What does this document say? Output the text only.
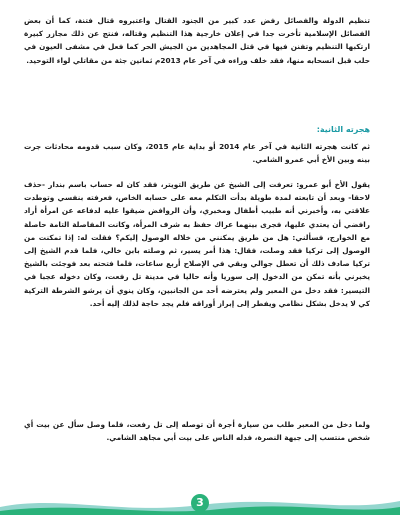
تنظيم الدولة والفصائل رفض عدد كبير من الجنود القتال واعتبروه قتال فتنة، كما أن بعض الفصائل الإسلامية تأخرت جدا في إعلان خارجية هذا التنظيم وقتاله، فنتج عن ذلك مجازر كبيرة ارتكبها التنظيم وتفنن فيها في قتل المجاهدين من الجيش الحر كما فعل في مشفى العيون في حلب قبل انسحابه منها، فقد خلف وراءه في آخر عام 2013م ثمانين جثة من مقاتلي لواء التوحيد.

هجرته الثانية:

ثم كانت هجرته الثانية في آخر عام 2014 أو بداية عام 2015، وكان سبب قدومه محادثات جرت بينه وبين الأخ أبي عمرو الشامي.

يقول الأخ أبو عمرو: تعرفت إلى الشيخ عن طريق التويتر، فقد كان له حساب باسم بندار -حذف لاحقا- وبعد أن تابعته لمدة طويلة بدأت التكلم معه على حسابه الخاص، فعرفته بنفسي وتوطدت علاقتي به، وأخبرني أنه طبيب أطفال ومخبري، وأن الروافض ضيقوا عليه لدفاعه عن امرأة أراد رافضي أن يعتدي عليها، فجرى بينهما عراك حفظ به شرف المرأة، وكانت المفاصلة التامة حاصلة مع الخوارج، فسألني: هل من طريق يمكنني من خلاله الوصول إليكم؟ فقلت له: إذا تمكنت من الوصول إلى تركيا فقد وصلت، فقال: هذا أمر يسير، ثم وصلته بابن خالي، فلما قدم الشيخ إلى تركيا صادف ذلك أن تعطل جوالي وبقي في الإصلاح أربع ساعات، فلما فتحته بعد فوجئت بالشيخ يخبرني بأنه تمكن من الدخول إلى سوريا وأنه حاليا في مدينة تل رفعت، وكان دخوله عجبا في التيسير: فقد دخل من المعبر ولم يعترضه أحد من الجانبين، وكان ينوي أن يرشو الشرطة التركية كي لا يدخل بشكل نظامي ويفطر إلى إبراز أوراقه فلم يجد حاجة لذلك إليه أحد.

ولما دخل من المعبر طلب من سيارة أجرة أن توصله إلى تل رفعت، فلما وصل سأل عن بيت أي شخص منتسب إلى جبهة النصرة، فدله الناس على بيت أبي مجاهد الشامي.

3
